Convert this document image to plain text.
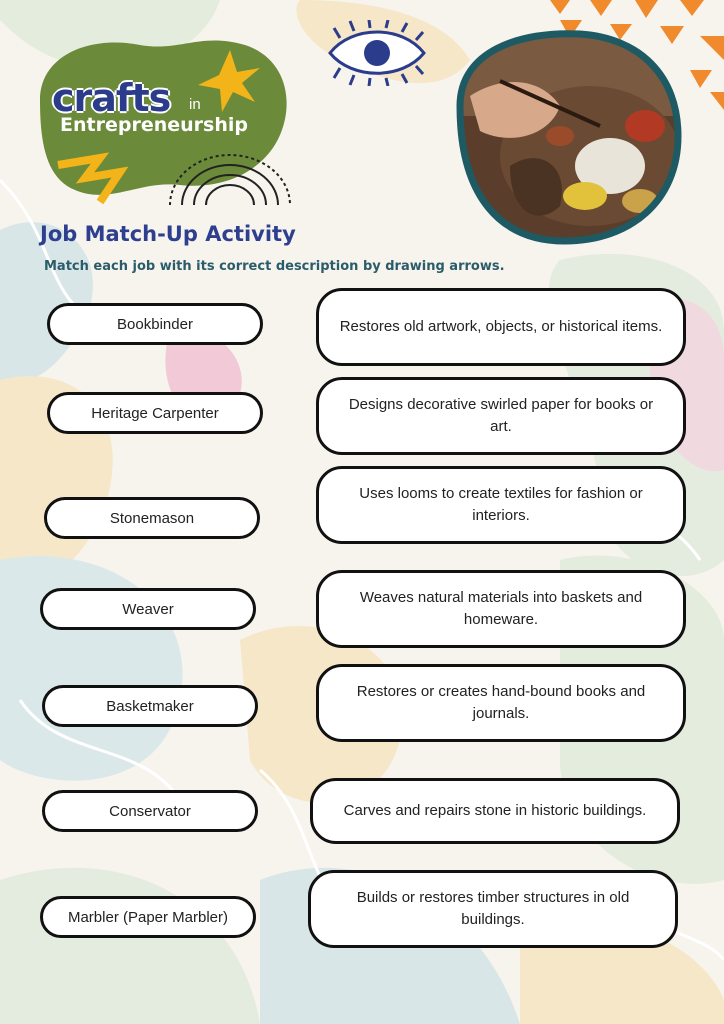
crafts in
Entrepreneurship
Job Match-Up Activity

Match each job with its correct description by drawing arrows.

Bookbinder
Heritage Carpenter
Stonemason
Weaver
Basketmaker
Conservator
Marbler (Paper Marbler)
Restores old artwork, objects, or historical items.
Designs decorative swirled paper for books or art.
Uses looms to create textiles for fashion or interiors.
Weaves natural materials into baskets and homeware.
Restores or creates hand-bound books and journals.
Carves and repairs stone in historic buildings.
Builds or restores timber structures in old buildings.
